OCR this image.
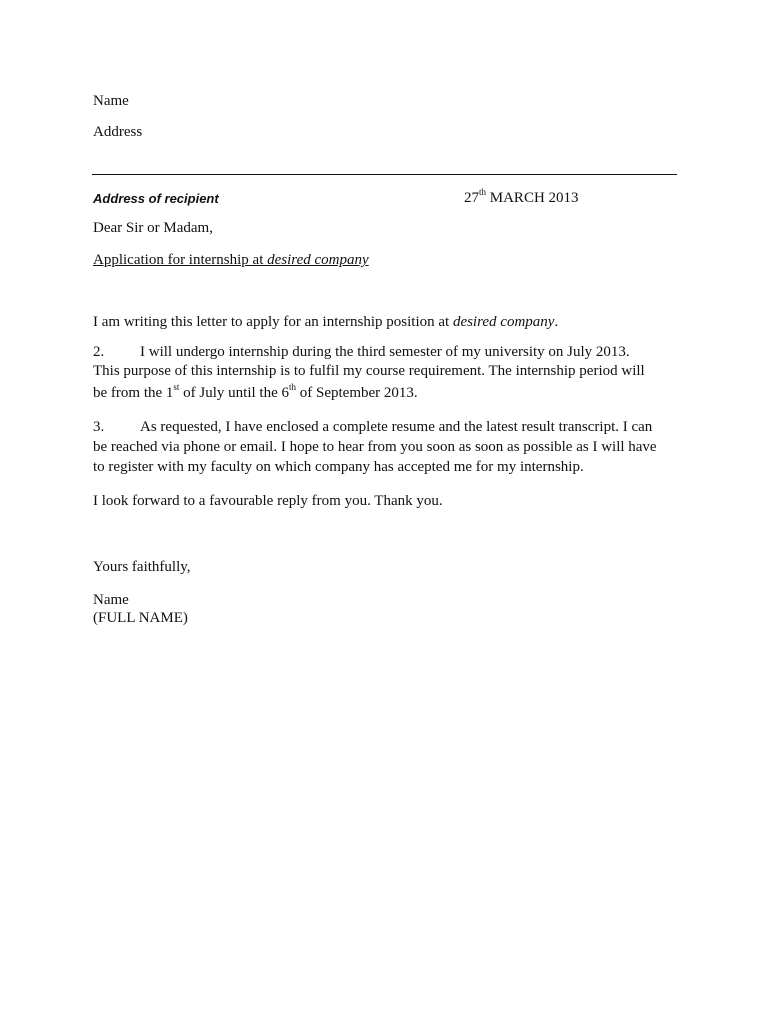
Name
Address
Address of recipient	27th MARCH 2013
Dear Sir or Madam,
Application for internship at desired company
I am writing this letter to apply for an internship position at desired company.
2. I will undergo internship during the third semester of my university on July 2013.
This purpose of this internship is to fulfil my course requirement. The internship period will
be from the 1st of July until the 6th of September 2013.
3. As requested, I have enclosed a complete resume and the latest result transcript. I can
be reached via phone or email. I hope to hear from you soon as soon as possible as I will have
to register with my faculty on which company has accepted me for my internship.
I look forward to a favourable reply from you. Thank you.
Yours faithfully,
Name
(FULL NAME)
